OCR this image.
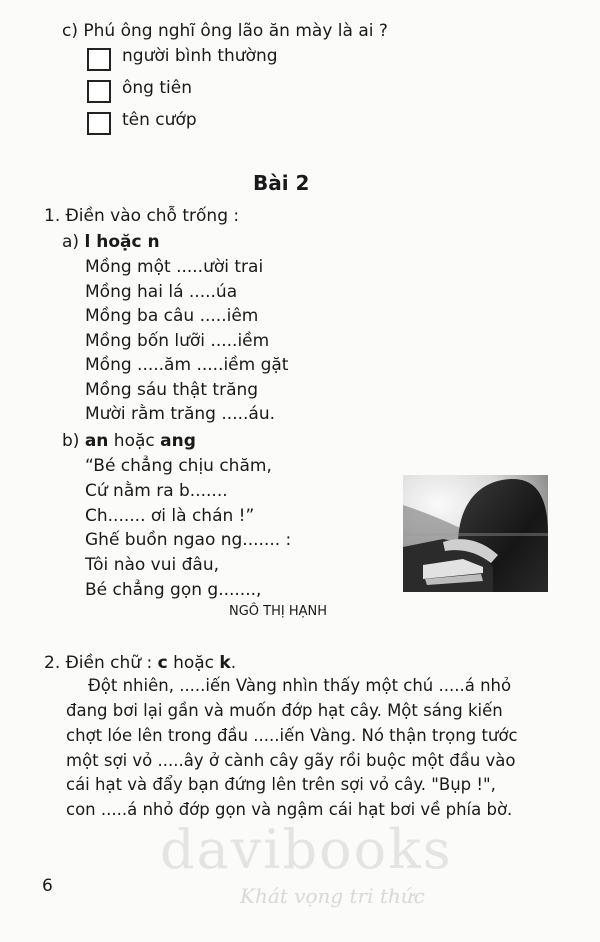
c) Phú ông nghĩ ông lão ăn mày là ai ?
người bình thường
ông tiên
tên cướp
Bài 2
1. Điền vào chỗ trống :
a) l hoặc n
Mồng một .....ười trai
Mồng hai lá .....úa
Mồng ba câu .....iêm
Mồng bốn lưỡi .....iềm
Mồng .....ăm .....iềm gặt
Mồng sáu thật trăng
Mười rằm trăng .....áu.
b) an hoặc ang
“Bé chẳng chịu chăm,
Cứ nằm ra b.......
Ch....... ơi là chán !”
Ghế buồn ngao ng....... :
Tôi nào vui đâu,
Bé chẳng gọn g.......,
NGÔ THỊ HẠNH
2. Điền chữ : c hoặc k.
Đột nhiên, .....iến Vàng nhìn thấy một chú .....á nhỏ
đang bơi lại gần và muốn đớp hạt cây. Một sáng kiến
chợt lóe lên trong đầu .....iến Vàng. Nó thận trọng tước
một sợi vỏ .....ây ở cành cây gãy rồi buộc một đầu vào
cái hạt và đẩy bạn đứng lên trên sợi vỏ cây. "Bụp !",
con .....á nhỏ đớp gọn và ngậm cái hạt bơi về phía bờ.
davibooks
Khát vọng tri thức
6
